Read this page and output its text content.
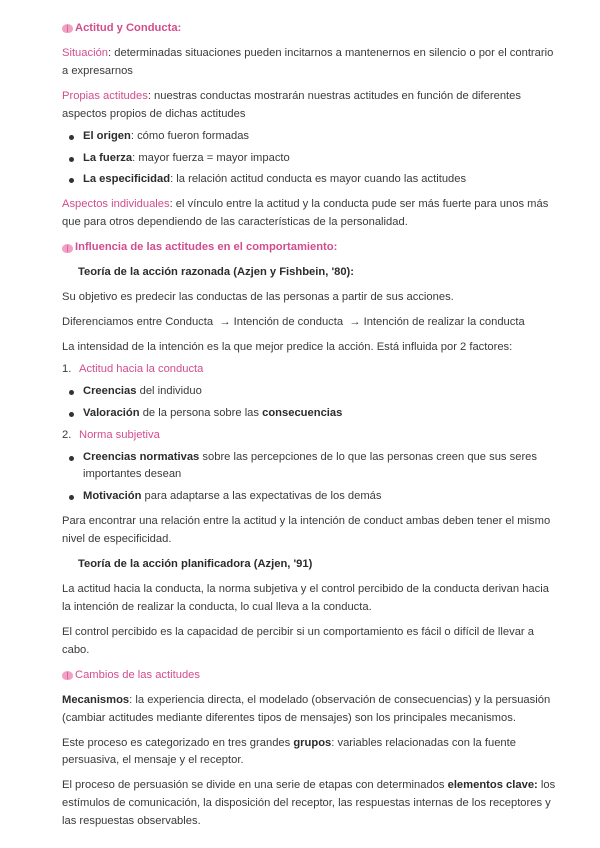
Actitud y Conducta:

Situación: determinadas situaciones pueden incitarnos a mantenernos en silencio o por el contrario a expresarnos

Propias actitudes: nuestras conductas mostrarán nuestras actitudes en función de diferentes aspectos propios de dichas actitudes

El origen: cómo fueron formadas
La fuerza: mayor fuerza = mayor impacto
La especificidad: la relación actitud conducta es mayor cuando las actitudes

Aspectos individuales: el vínculo entre la actitud y la conducta pude ser más fuerte para unos más que para otros dependiendo de las características de la personalidad.

Influencia de las actitudes en el comportamiento:

Teoría de la acción razonada (Azjen y Fishbein, '80):

Su objetivo es predecir las conductas de las personas a partir de sus acciones.

Diferenciamos entre Conducta  → Intención de conducta  → Intención de realizar la conducta

La intensidad de la intención es la que mejor predice la acción. Está influida por 2 factores:

1. Actitud hacia la conducta
Creencias del individuo
Valoración de la persona sobre las consecuencias
2. Norma subjetiva
Creencias normativas sobre las percepciones de lo que las personas creen que sus seres importantes desean
Motivación para adaptarse a las expectativas de los demás

Para encontrar una relación entre la actitud y la intención de conduct ambas deben tener el mismo nivel de especificidad.

Teoría de la acción planificadora (Azjen, '91)

La actitud hacia la conducta, la norma subjetiva y el control percibido de la conducta derivan hacia la intención de realizar la conducta, lo cual lleva a la conducta.

El control percibido es la capacidad de percibir si un comportamiento es fácil o difícil de llevar a cabo.

Cambios de las actitudes

Mecanismos: la experiencia directa, el modelado (observación de consecuencias) y la persuasión (cambiar actitudes mediante diferentes tipos de mensajes) son los principales mecanismos.

Este proceso es categorizado en tres grandes grupos: variables relacionadas con la fuente persuasiva, el mensaje y el receptor.

El proceso de persuasión se divide en una serie de etapas con determinados elementos clave: los estímulos de comunicación, la disposición del receptor, las respuestas internas de los receptores y las respuestas observables.
